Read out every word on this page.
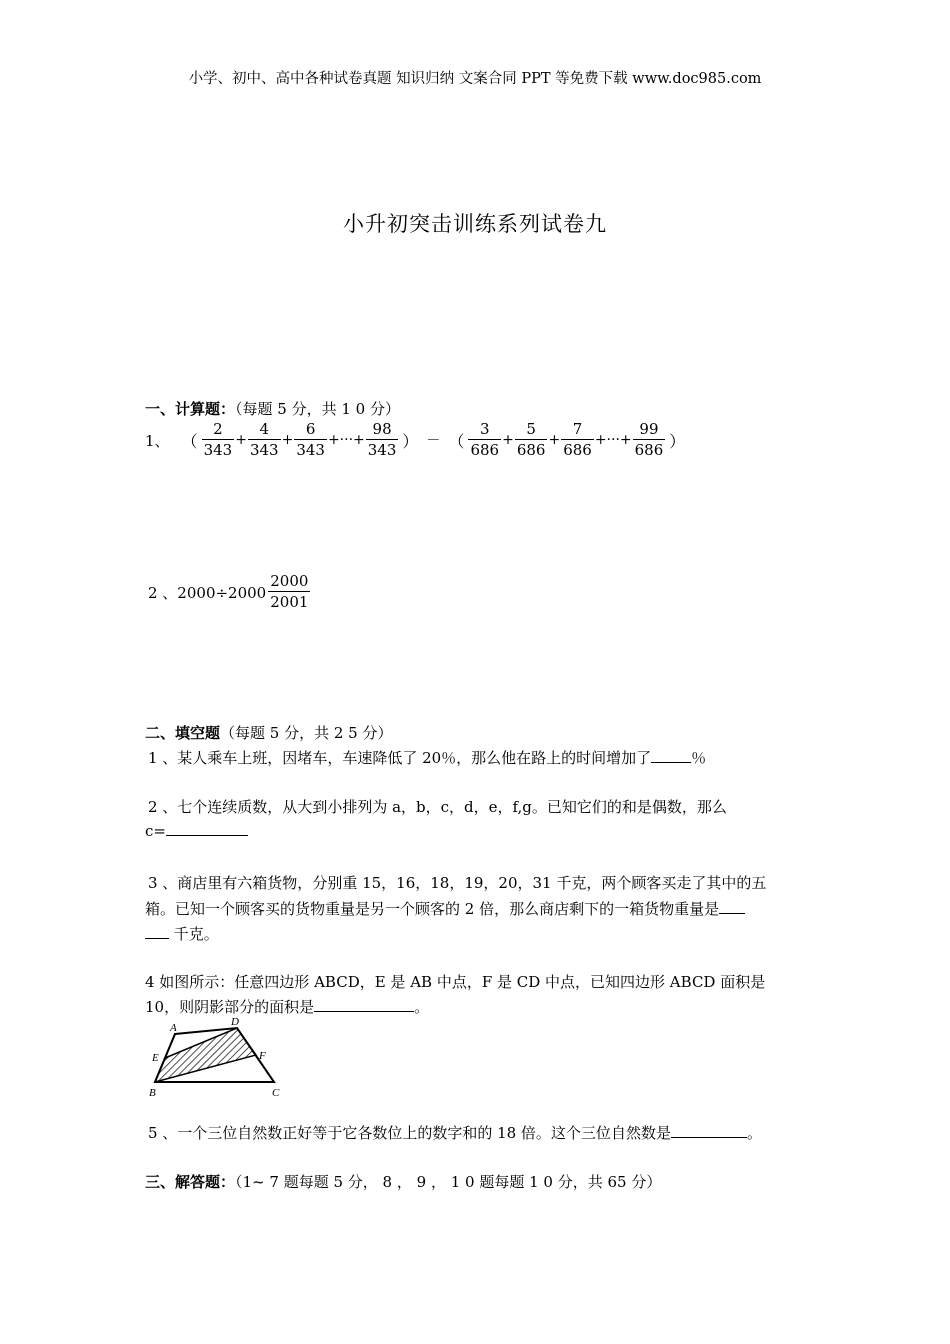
小学、初中、高中各种试卷真题 知识归纳 文案合同 PPT 等免费下载 www.doc985.com
小升初突击训练系列试卷九
一、计算题：（每题 5 分，共 1 0 分）
1、 （ $\frac{2}{343} + \frac{4}{343} + \frac{6}{343}$ +···+ $\frac{98}{343}$ ） － （ $\frac{3}{686} + \frac{5}{686} + \frac{7}{686}$ +···+ $\frac{99}{686}$ ）
2 、$2000\div 2000 \frac{2000}{2001}$
二、填空题（每题 5 分，共 2 5 分）
1 、某人乘车上班，因堵车，车速降低了 20％，那么他在路上的时间增加了	％
2 、七个连续质数，从大到小排列为 a，b，c，d，e，f,g。已知它们的和是偶数，那么
c=
3 、商店里有六箱货物，分别重 15，16，18，19，20，31 千克，两个顾客买走了其中的五
箱。已知一个顾客买的货物重量是另一个顾客的 2 倍，那么商店剩下的一箱货物重量是
千克。
4 如图所示：任意四边形 ABCD，E 是 AB 中点，F 是 CD 中点，已知四边形 ABCD 面积是
10，则阴影部分的面积是	。
A	D
E	F
B	C
5 、一个三位自然数正好等于它各数位上的数字和的 18 倍。这个三位自然数是	。
三、解答题：（1~ 7 题每题 5 分， 8 ， 9 ， 1 0 题每题 1 0 分，共 65 分）
